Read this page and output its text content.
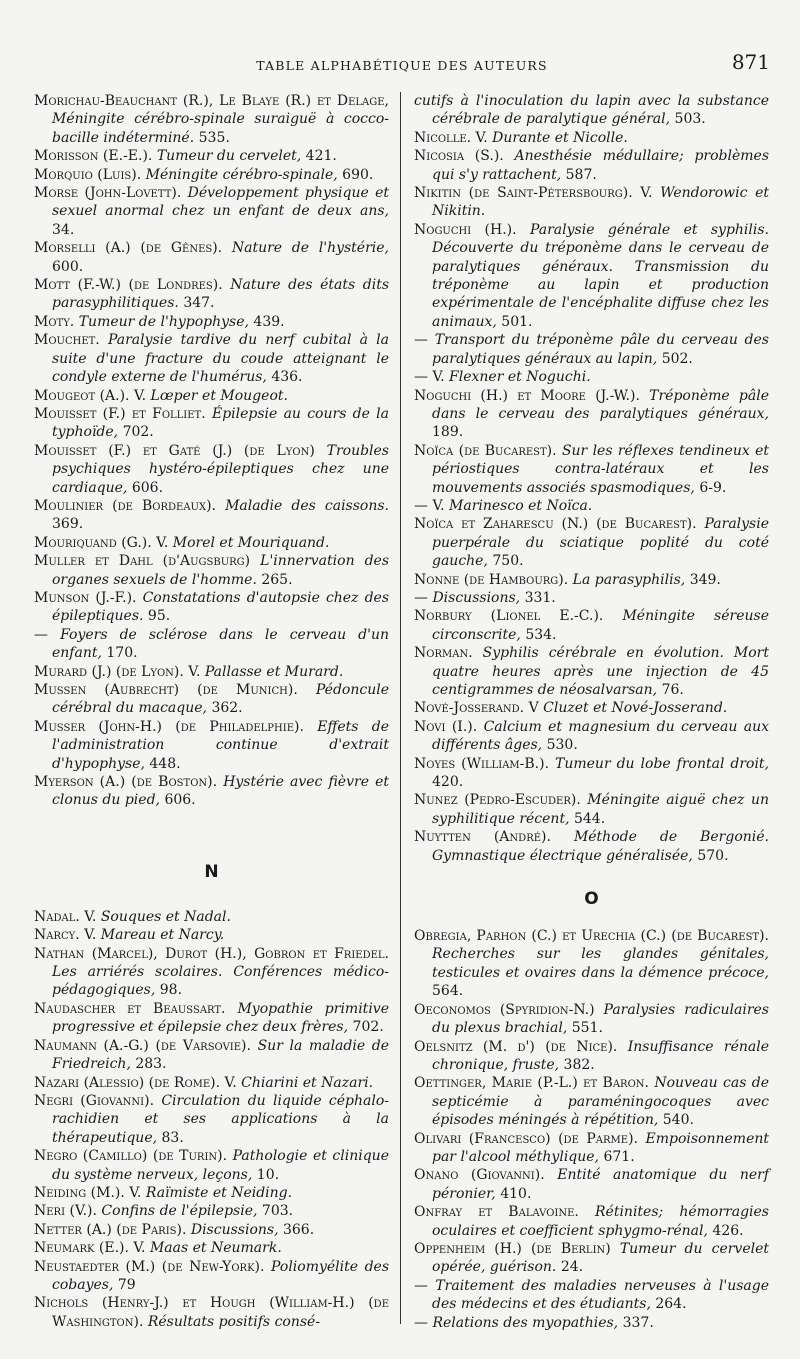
TABLE ALPHABÉTIQUE DES AUTEURS	871

Morichau-Beauchant (R.), Le Blaye (R.) et Delage, Méningite cérébro-spinale suraiguë à cocco-bacille indéterminé. 535.

Morisson (E.-E.). Tumeur du cervelet, 421.

Morquio (Luis). Méningite cérébro-spinale, 690.

Morse (John-Lovett). Développement physique et sexuel anormal chez un enfant de deux ans, 34.

Morselli (A.) (de Gênes). Nature de l'hystérie, 600.

Mott (F.-W.) (de Londres). Nature des états dits parasyphilitiques. 347.

Moty. Tumeur de l'hypophyse, 439.

Mouchet. Paralysie tardive du nerf cubital à la suite d'une fracture du coude atteignant le condyle externe de l'humérus, 436.

Mougeot (A.). V. Lœper et Mougeot.

Mouisset (F.) et Folliet. Épilepsie au cours de la typhoïde, 702.

Mouisset (F.) et Gaté (J.) (de Lyon) Troubles psychiques hystéro-épileptiques chez une cardiaque, 606.

Moulinier (de Bordeaux). Maladie des caissons. 369.

Mouriquand (G.). V. Morel et Mouriquand.

Muller et Dahl (d'Augsburg) L'innervation des organes sexuels de l'homme. 265.

Munson (J.-F.). Constatations d'autopsie chez des épileptiques. 95.

— Foyers de sclérose dans le cerveau d'un enfant, 170.

Murard (J.) (de Lyon). V. Pallasse et Murard.

Mussen (Aubrecht) (de Munich). Pédoncule cérébral du macaque, 362.

Musser (John-H.) (de Philadelphie). Effets de l'administration continue d'extrait d'hypophyse, 448.

Myerson (A.) (de Boston). Hystérie avec fièvre et clonus du pied, 606.

N

Nadal. V. Souques et Nadal.

Narcy. V. Mareau et Narcy.

Nathan (Marcel), Durot (H.), Gobron et Friedel. Les arriérés scolaires. Conférences médico-pédagogiques, 98.

Naudascher et Beaussart. Myopathie primitive progressive et épilepsie chez deux frères, 702.

Naumann (A.-G.) (de Varsovie). Sur la maladie de Friedreich, 283.

Nazari (Alessio) (de Rome). V. Chiarini et Nazari.

Negri (Giovanni). Circulation du liquide céphalo-rachidien et ses applications à la thérapeutique, 83.

Negro (Camillo) (de Turin). Pathologie et clinique du système nerveux, leçons, 10.

Neiding (M.). V. Raïmiste et Neiding.

Neri (V.). Confins de l'épilepsie, 703.

Netter (A.) (de Paris). Discussions, 366.

Neumark (E.). V. Maas et Neumark.

Neustaedter (M.) (de New-York). Poliomyélite des cobayes, 79

Nichols (Henry-J.) et Hough (William-H.) (de Washington). Résultats positifs consé-

cutifs à l'inoculation du lapin avec la substance cérébrale de paralytique général, 503.

Nicolle. V. Durante et Nicolle.

Nicosia (S.). Anesthésie médullaire; problèmes qui s'y rattachent, 587.

Nikitin (de Saint-Pétersbourg). V. Wendorowic et Nikitin.

Noguchi (H.). Paralysie générale et syphilis. Découverte du tréponème dans le cerveau de paralytiques généraux. Transmission du tréponème au lapin et production expérimentale de l'encéphalite diffuse chez les animaux, 501.

— Transport du tréponème pâle du cerveau des paralytiques généraux au lapin, 502.

— V. Flexner et Noguchi.

Noguchi (H.) et Moore (J.-W.). Tréponème pâle dans le cerveau des paralytiques généraux, 189.

Noïca (de Bucarest). Sur les réflexes tendineux et périostiques contra-latéraux et les mouvements associés spasmodiques, 6-9.

— V. Marinesco et Noïca.

Noïca et Zaharescu (N.) (de Bucarest). Paralysie puerpérale du sciatique poplité du coté gauche, 750.

Nonne (de Hambourg). La parasyphilis, 349.

— Discussions, 331.

Norbury (Lionel E.-C.). Méningite séreuse circonscrite, 534.

Norman. Syphilis cérébrale en évolution. Mort quatre heures après une injection de 45 centigrammes de néosalvarsan, 76.

Nové-Josserand. V Cluzet et Nové-Josserand.

Novi (I.). Calcium et magnesium du cerveau aux différents âges, 530.

Noyes (William-B.). Tumeur du lobe frontal droit, 420.

Nunez (Pedro-Escuder). Méningite aiguë chez un syphilitique récent, 544.

Nuytten (André). Méthode de Bergonié. Gymnastique électrique généralisée, 570.

O

Obregia, Parhon (C.) et Urechia (C.) (de Bucarest). Recherches sur les glandes génitales, testicules et ovaires dans la démence précoce, 564.

Oeconomos (Spyridion-N.) Paralysies radiculaires du plexus brachial, 551.

Oelsnitz (M. d') (de Nice). Insuffisance rénale chronique, fruste, 382.

Oettinger, Marie (P.-L.) et Baron. Nouveau cas de septicémie à paraméningocoques avec épisodes méningés à répétition, 540.

Olivari (Francesco) (de Parme). Empoisonnement par l'alcool méthylique, 671.

Onano (Giovanni). Entité anatomique du nerf péronier, 410.

Onfray et Balavoine. Rétinites; hémorragies oculaires et coefficient sphygmo-rénal, 426.

Oppenheim (H.) (de Berlin) Tumeur du cervelet opérée, guérison. 24.

— Traitement des maladies nerveuses à l'usage des médecins et des étudiants, 264.

— Relations des myopathies, 337.
